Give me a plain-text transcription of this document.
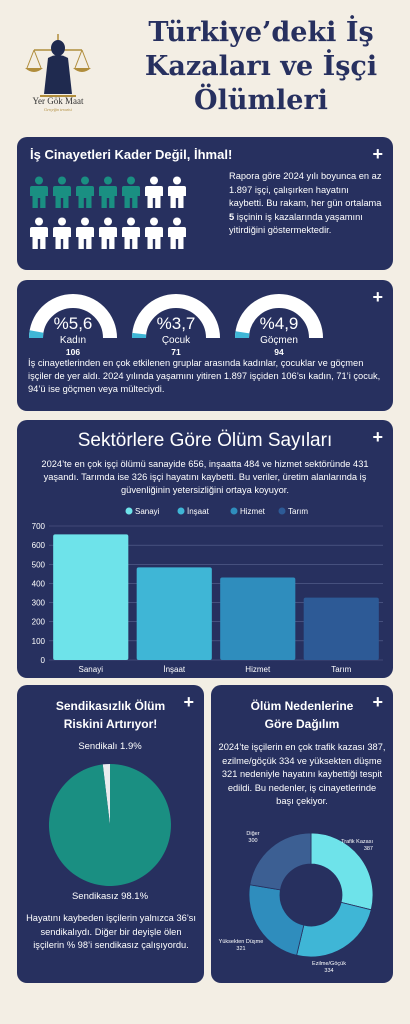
Yer Gök Maat
Gerçeğin terazisi
Türkiye’deki İş
Kazaları ve İşçi
Ölümleri
+
İş Cinayetleri Kader Değil, İhmal!
Rapora göre 2024 yılı boyunca en az 1.897 işçi, çalışırken hayatını kaybetti. Bu rakam, her gün ortalama 5 işçinin iş kazalarında yaşamını yitirdiğini göstermektedir.
+
%5,6
Kadın
106
%3,7
Çocuk
71
%4,9
Göçmen
94
İş cinayetlerinden en çok etkilenen gruplar arasında kadınlar, çocuklar ve göçmen işçiler de yer aldı. 2024 yılında yaşamını yitiren 1.897 işçiden 106’sı kadın, 71’i çocuk, 94’ü ise göçmen veya mülteciydi.
+
Sektörlere Göre Ölüm Sayıları
2024’te en çok işçi ölümü sanayide 656, inşaatta 484 ve hizmet sektöründe 431 yaşandı. Tarımda ise 326 işçi hayatını kaybetti. Bu veriler, üretim alanlarında iş güvenliğinin yetersizliğini ortaya koyuyor.
Sanayi	İnşaat	Hizmet	Tarım
0
100
200
300
400
500
600
700
Sanayi	İnşaat	Hizmet	Tarım
+
Sendikasızlık Ölüm
Riskini Artırıyor!
Sendikalı 1.9%
Sendikasız 98.1%
Hayatını kaybeden işçilerin yalnızca 36’sı sendikalıydı. Diğer bir deyişle ölen işçilerin % 98’i sendikasız çalışıyordu.
+
Ölüm Nedenlerine
Göre Dağılım
2024’te işçilerin en çok trafik kazası 387, ezilme/göçük 334 ve yüksekten düşme 321 nedeniyle hayatını kaybettiği tespit edildi. Bu nedenler, iş cinayetlerinde başı çekiyor.
Trafik Kazası 387
Ezilme/Göçük 334
Yüksekten Düşme 321
Diğer 300
